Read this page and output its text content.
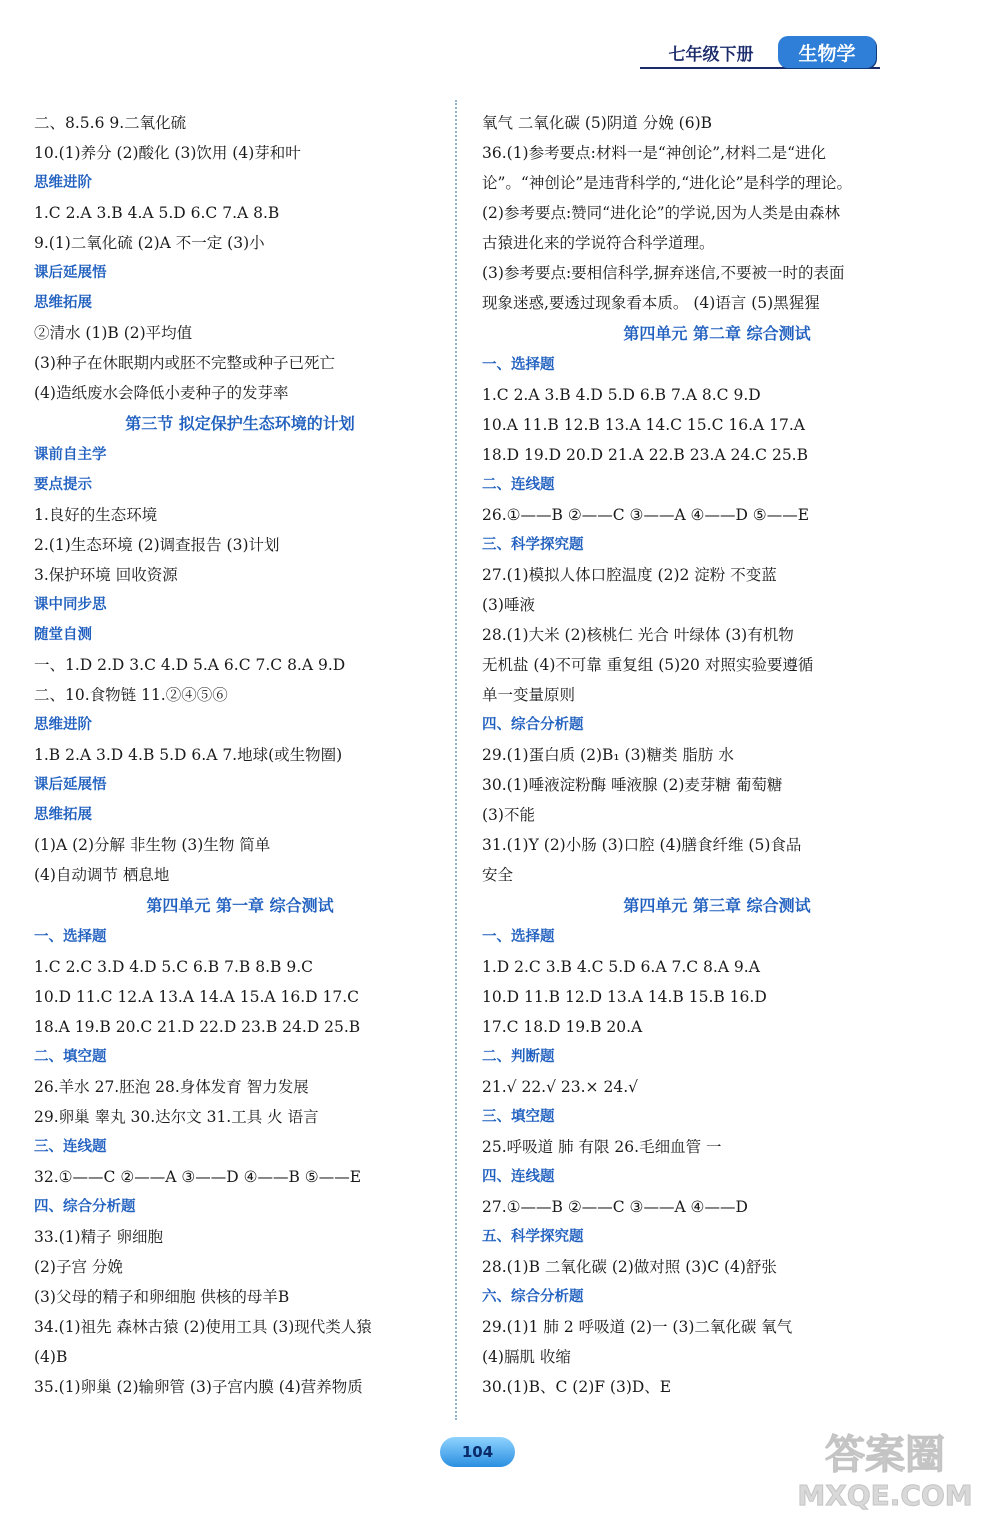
七年级下册	生物学
二、8.5.6 9.二氧化硫
10.(1)养分 (2)酸化 (3)饮用 (4)芽和叶
思维进阶
1.C 2.A 3.B 4.A 5.D 6.C 7.A 8.B
9.(1)二氧化硫 (2)A 不一定 (3)小
课后延展悟
思维拓展
②清水 (1)B (2)平均值
(3)种子在休眠期内或胚不完整或种子已死亡
(4)造纸废水会降低小麦种子的发芽率
第三节 拟定保护生态环境的计划
课前自主学
要点提示
1.良好的生态环境
2.(1)生态环境 (2)调查报告 (3)计划
3.保护环境 回收资源
课中同步思
随堂自测
一、1.D 2.D 3.C 4.D 5.A 6.C 7.C 8.A 9.D
二、10.食物链 11.②④⑤⑥
思维进阶
1.B 2.A 3.D 4.B 5.D 6.A 7.地球(或生物圈)
课后延展悟
思维拓展
(1)A (2)分解 非生物 (3)生物 简单
(4)自动调节 栖息地
第四单元 第一章 综合测试
一、选择题
1.C 2.C 3.D 4.D 5.C 6.B 7.B 8.B 9.C
10.D 11.C 12.A 13.A 14.A 15.A 16.D 17.C
18.A 19.B 20.C 21.D 22.D 23.B 24.D 25.B
二、填空题
26.羊水 27.胚泡 28.身体发育 智力发展
29.卵巢 睾丸 30.达尔文 31.工具 火 语言
三、连线题
32.①——C ②——A ③——D ④——B ⑤——E
四、综合分析题
33.(1)精子 卵细胞
(2)子宫 分娩
(3)父母的精子和卵细胞 供核的母羊B
34.(1)祖先 森林古猿 (2)使用工具 (3)现代类人猿
(4)B
35.(1)卵巢 (2)输卵管 (3)子宫内膜 (4)营养物质
氧气 二氧化碳 (5)阴道 分娩 (6)B
36.(1)参考要点:材料一是“神创论”,材料二是“进化
论”。“神创论”是违背科学的,“进化论”是科学的理论。
(2)参考要点:赞同“进化论”的学说,因为人类是由森林
古猿进化来的学说符合科学道理。
(3)参考要点:要相信科学,摒弃迷信,不要被一时的表面
现象迷惑,要透过现象看本质。 (4)语言 (5)黑猩猩
第四单元 第二章 综合测试
一、选择题
1.C 2.A 3.B 4.D 5.D 6.B 7.A 8.C 9.D
10.A 11.B 12.B 13.A 14.C 15.C 16.A 17.A
18.D 19.D 20.D 21.A 22.B 23.A 24.C 25.B
二、连线题
26.①——B ②——C ③——A ④——D ⑤——E
三、科学探究题
27.(1)模拟人体口腔温度 (2)2 淀粉 不变蓝
(3)唾液
28.(1)大米 (2)核桃仁 光合 叶绿体 (3)有机物
无机盐 (4)不可靠 重复组 (5)20 对照实验要遵循
单一变量原则
四、综合分析题
29.(1)蛋白质 (2)B₁ (3)糖类 脂肪 水
30.(1)唾液淀粉酶 唾液腺 (2)麦芽糖 葡萄糖
(3)不能
31.(1)Y (2)小肠 (3)口腔 (4)膳食纤维 (5)食品
安全
第四单元 第三章 综合测试
一、选择题
1.D 2.C 3.B 4.C 5.D 6.A 7.C 8.A 9.A
10.D 11.B 12.D 13.A 14.B 15.B 16.D
17.C 18.D 19.B 20.A
二、判断题
21.√ 22.√ 23.× 24.√
三、填空题
25.呼吸道 肺 有限 26.毛细血管 一
四、连线题
27.①——B ②——C ③——A ④——D
五、科学探究题
28.(1)B 二氧化碳 (2)做对照 (3)C (4)舒张
六、综合分析题
29.(1)1 肺 2 呼吸道 (2)一 (3)二氧化碳 氧气
(4)膈肌 收缩
30.(1)B、C (2)F (3)D、E
104	答案圈
MXQE.COM
